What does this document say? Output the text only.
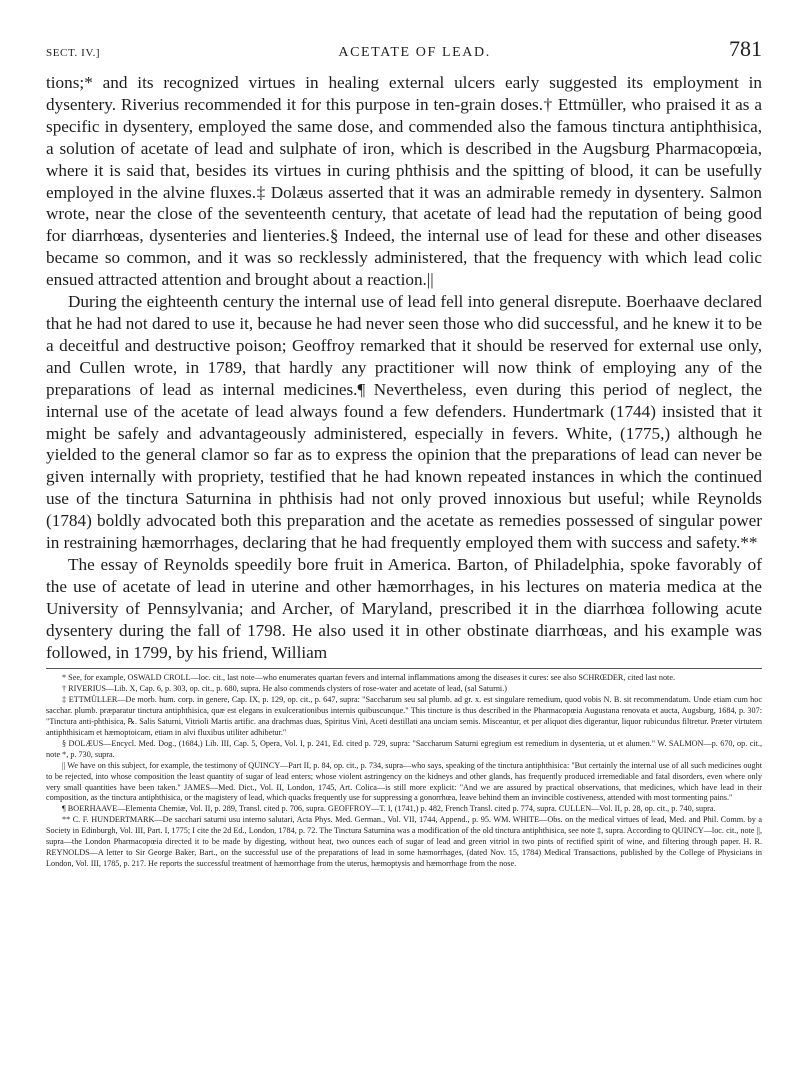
SECT. IV.]	ACETATE OF LEAD.	781

tions;* and its recognized virtues in healing external ulcers early suggested its employment in dysentery. Riverius recommended it for this purpose in ten-grain doses.† Ettmüller, who praised it as a specific in dysentery, employed the same dose, and commended also the famous tinctura antiphthisica, a solution of acetate of lead and sulphate of iron, which is described in the Augsburg Pharmacopœia, where it is said that, besides its virtues in curing phthisis and the spitting of blood, it can be usefully employed in the alvine fluxes.‡ Dolæus asserted that it was an admirable remedy in dysentery. Salmon wrote, near the close of the seventeenth century, that acetate of lead had the reputation of being good for diarrhœas, dysenteries and lienteries.§ Indeed, the internal use of lead for these and other diseases became so common, and it was so recklessly administered, that the frequency with which lead colic ensued attracted attention and brought about a reaction.||

During the eighteenth century the internal use of lead fell into general disrepute. Boerhaave declared that he had not dared to use it, because he had never seen those who did successful, and he knew it to be a deceitful and destructive poison; Geoffroy remarked that it should be reserved for external use only, and Cullen wrote, in 1789, that hardly any practitioner will now think of employing any of the preparations of lead as internal medicines.¶ Nevertheless, even during this period of neglect, the internal use of the acetate of lead always found a few defenders. Hundertmark (1744) insisted that it might be safely and advantageously administered, especially in fevers. White, (1775,) although he yielded to the general clamor so far as to express the opinion that the preparations of lead can never be given internally with propriety, testified that he had known repeated instances in which the continued use of the tinctura Saturnina in phthisis had not only proved innoxious but useful; while Reynolds (1784) boldly advocated both this preparation and the acetate as remedies possessed of singular power in restraining hæmorrhages, declaring that he had frequently employed them with success and safety.**

The essay of Reynolds speedily bore fruit in America. Barton, of Philadelphia, spoke favorably of the use of acetate of lead in uterine and other hæmorrhages, in his lectures on materia medica at the University of Pennsylvania; and Archer, of Maryland, prescribed it in the diarrhœa following acute dysentery during the fall of 1798. He also used it in other obstinate diarrhœas, and his example was followed, in 1799, by his friend, William

* See, for example, OSWALD CROLL—loc. cit., last note—who enumerates quartan fevers and internal inflammations among the diseases it cures: see also SCHRŒDER, cited last note.

† RIVERIUS—Lib. X, Cap. 6, p. 303, op. cit., p. 680, supra. He also commends clysters of rose-water and acetate of lead, (sal Saturni.)

‡ ETTMÜLLER—De morb. hum. corp. in genere, Cap. IX, p. 129, op. cit., p. 647, supra: "Saccharum seu sal plumb. ad gr. x. est singulare remedium, quod vobis N. B. sit recommendatum. Unde etiam cum hoc sacchar. plumb. præparatur tinctura antiphthisica, quæ est elegans in exulcerationibus internis quibuscunque." This tincture is thus described in the Pharmacopœia Augustana renovata et aucta, Augsburg, 1684, p. 307: "Tinctura anti-phthisica, ℞. Salis Saturni, Vitrioli Martis artific. ana drachmas duas, Spiritus Vini, Aceti destillati ana unciam semis. Misceantur, et per aliquot dies digerantur, liquor rubicundus filtretur. Præter virtutem antiphthisicam et hæmoptoicam, etiam in alvi fluxibus utiliter adhibetur."

§ DOLÆUS—Encycl. Med. Dog., (1684,) Lib. III, Cap. 5, Opera, Vol. I, p. 241, Ed. cited p. 729, supra: "Saccharum Saturni egregium est remedium in dysenteria, ut et alumen." W. SALMON—p. 670, op. cit., note *, p. 730, supra.

|| We have on this subject, for example, the testimony of QUINCY—Part II, p. 84, op. cit., p. 734, supra—who says, speaking of the tinctura antiphthisica: "But certainly the internal use of all such medicines ought to be rejected, into whose composition the least quantity of sugar of lead enters; whose violent astringency on the kidneys and other glands, has frequently produced irremediable and fatal disorders, even where only very small quantities have been taken." JAMES—Med. Dict., Vol. II, London, 1745, Art. Colica—is still more explicit: "And we are assured by practical observations, that medicines, which have lead in their composition, as the tinctura antiphthisica, or the magistery of lead, which quacks frequently use for suppressing a gonorrhœa, leave behind them an invincible costiveness, attended with most tormenting pains."

¶ BOERHAAVE—Elementa Chemiæ, Vol. II, p. 289, Transl. cited p. 706, supra. GEOFFROY—T. I, (1741,) p. 482, French Transl. cited p. 774, supra. CULLEN—Vol. II, p. 28, op. cit., p. 740, supra.

** C. F. HUNDERTMARK—De sacchari saturni usu interno salutari, Acta Phys. Med. German., Vol. VII, 1744, Append., p. 95. WM. WHITE—Obs. on the medical virtues of lead, Med. and Phil. Comm. by a Society in Edinburgh, Vol. III, Part. I, 1775; I cite the 2d Ed., London, 1784, p. 72. The Tinctura Saturnina was a modification of the old tinctura antiphthisica, see note ‡, supra. According to QUINCY—loc. cit., note ||, supra—the London Pharmacopœia directed it to be made by digesting, without heat, two ounces each of sugar of lead and green vitriol in two pints of rectified spirit of wine, and filtering through paper. H. R. REYNOLDS—A letter to Sir George Baker, Bart., on the successful use of the preparations of lead in some hæmorrhages, (dated Nov. 15, 1784) Medical Transactions, published by the College of Physicians in London, Vol. III, 1785, p. 217. He reports the successful treatment of hæmorrhage from the uterus, hæmoptysis and hæmorrhage from the nose.
